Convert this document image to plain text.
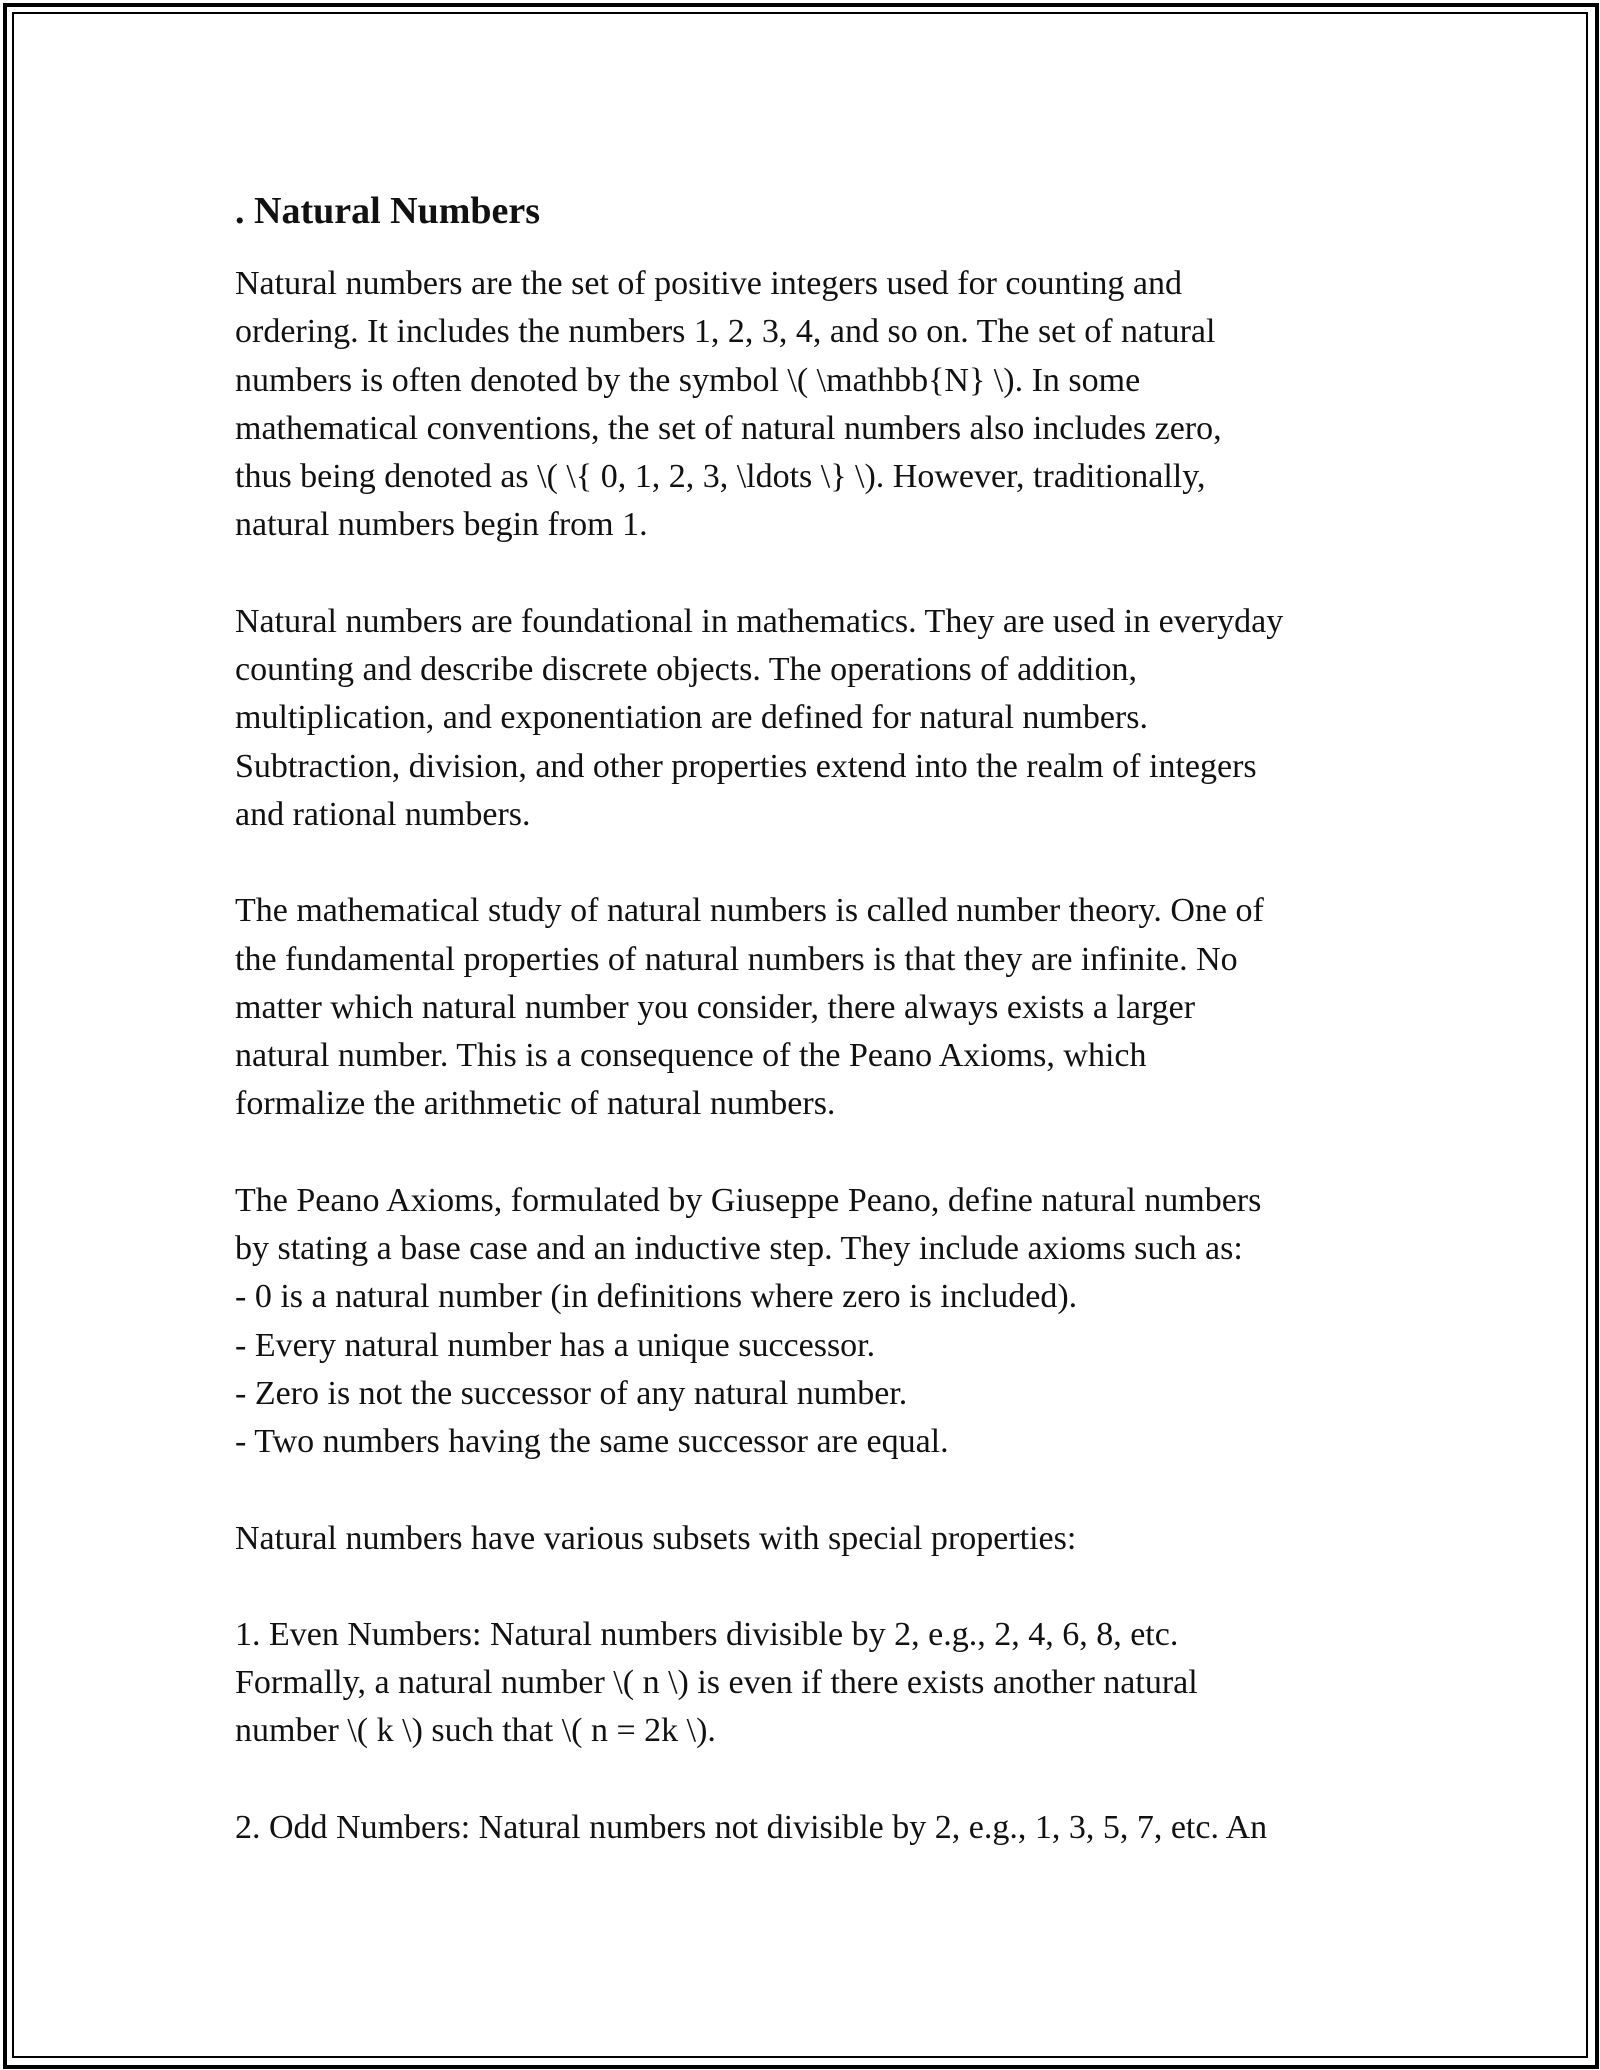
. Natural Numbers
Natural numbers are the set of positive integers used for counting and
ordering. It includes the numbers 1, 2, 3, 4, and so on. The set of natural
numbers is often denoted by the symbol \( \mathbb{N} \). In some
mathematical conventions, the set of natural numbers also includes zero,
thus being denoted as \( \{ 0, 1, 2, 3, \ldots \} \). However, traditionally,
natural numbers begin from 1.
Natural numbers are foundational in mathematics. They are used in everyday
counting and describe discrete objects. The operations of addition,
multiplication, and exponentiation are defined for natural numbers.
Subtraction, division, and other properties extend into the realm of integers
and rational numbers.
The mathematical study of natural numbers is called number theory. One of
the fundamental properties of natural numbers is that they are infinite. No
matter which natural number you consider, there always exists a larger
natural number. This is a consequence of the Peano Axioms, which
formalize the arithmetic of natural numbers.
The Peano Axioms, formulated by Giuseppe Peano, define natural numbers
by stating a base case and an inductive step. They include axioms such as:
- 0 is a natural number (in definitions where zero is included).
- Every natural number has a unique successor.
- Zero is not the successor of any natural number.
- Two numbers having the same successor are equal.
Natural numbers have various subsets with special properties:
1. Even Numbers: Natural numbers divisible by 2, e.g., 2, 4, 6, 8, etc.
Formally, a natural number \( n \) is even if there exists another natural
number \( k \) such that \( n = 2k \).
2. Odd Numbers: Natural numbers not divisible by 2, e.g., 1, 3, 5, 7, etc. An
